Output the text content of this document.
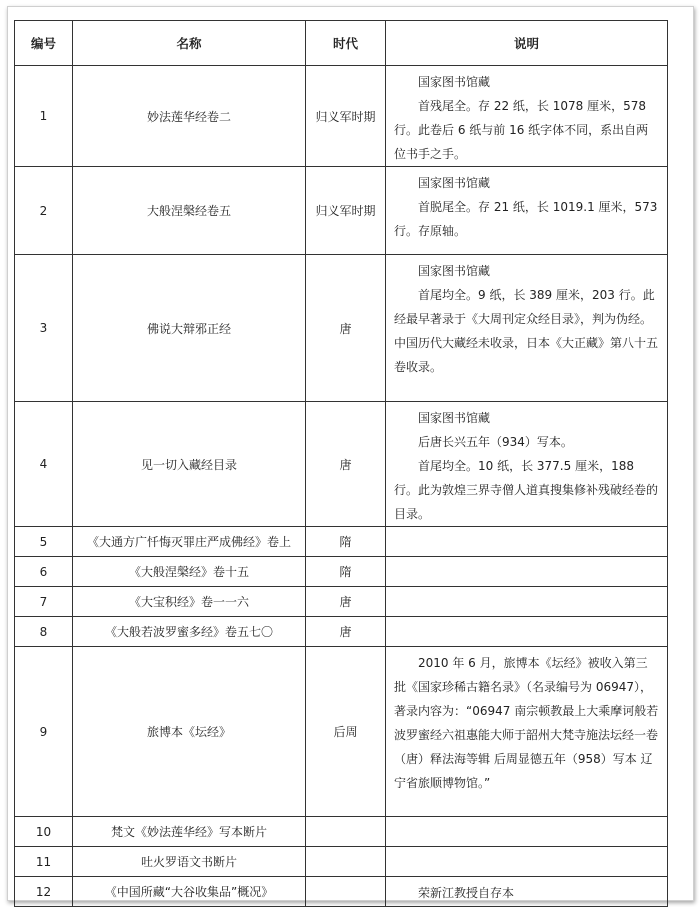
编号	名称	时代	说明
1	妙法莲华经卷二	归义军时期	国家图书馆藏

首残尾全。存 22 纸，长 1078 厘米，578 行。此卷后 6 纸与前 16 纸字体不同，系出自两位书手之手。

2	大般涅槃经卷五	归义军时期	国家图书馆藏

首脱尾全。存 21 纸，长 1019.1 厘米，573 行。存原轴。

3	佛说大辩邪正经	唐	国家图书馆藏

首尾均全。9 纸，长 389 厘米，203 行。此经最早著录于《大周刊定众经目录》，判为伪经。中国历代大藏经未收录，日本《大正藏》第八十五卷收录。

4	见一切入藏经目录	唐	国家图书馆藏

后唐长兴五年（934）写本。

首尾均全。10 纸，长 377.5 厘米，188 行。此为敦煌三界寺僧人道真搜集修补残破经卷的目录。

5	《大通方广忏悔灭罪庄严成佛经》卷上	隋	
6	《大般涅槃经》卷十五	隋	
7	《大宝积经》卷一一六	唐	
8	《大般若波罗蜜多经》卷五七〇	唐	
9	旅博本《坛经》	后周	2010 年 6 月，旅博本《坛经》被收入第三批《国家珍稀古籍名录》（名录编号为 06947），著录内容为：“06947 南宗顿教最上大乘摩诃般若波罗蜜经六祖惠能大师于韶州大梵寺施法坛经一卷（唐）释法海等辑 后周显德五年（958）写本 辽宁省旅顺博物馆。”

10	梵文《妙法莲华经》写本断片		
11	吐火罗语文书断片		
12	《中国所藏“大谷收集品”概况》		荣新江教授自存本
